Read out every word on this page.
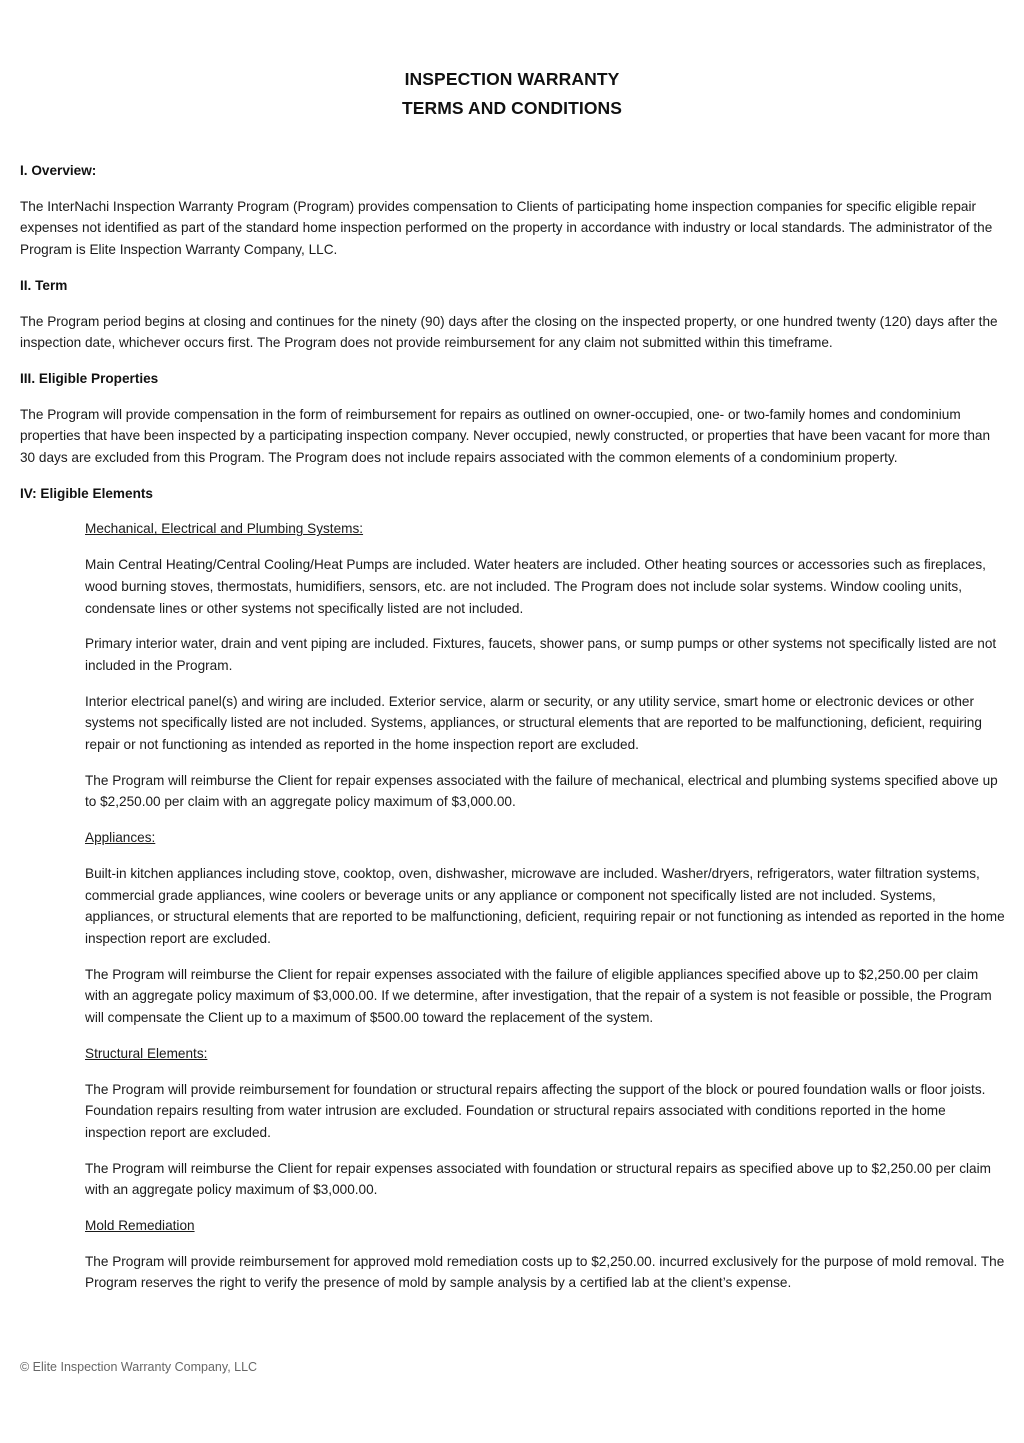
INSPECTION WARRANTY
TERMS AND CONDITIONS
I. Overview:
The InterNachi Inspection Warranty Program (Program) provides compensation to Clients of participating home inspection companies for specific eligible repair expenses not identified as part of the standard home inspection performed on the property in accordance with industry or local standards. The administrator of the Program is Elite Inspection Warranty Company, LLC.
II. Term
The Program period begins at closing and continues for the ninety (90) days after the closing on the inspected property, or one hundred twenty (120) days after the inspection date, whichever occurs first. The Program does not provide reimbursement for any claim not submitted within this timeframe.
III. Eligible Properties
The Program will provide compensation in the form of reimbursement for repairs as outlined on owner-occupied, one- or two-family homes and condominium properties that have been inspected by a participating inspection company. Never occupied, newly constructed, or properties that have been vacant for more than 30 days are excluded from this Program. The Program does not include repairs associated with the common elements of a condominium property.
IV: Eligible Elements
Mechanical, Electrical and Plumbing Systems:
Main Central Heating/Central Cooling/Heat Pumps are included. Water heaters are included. Other heating sources or accessories such as fireplaces, wood burning stoves, thermostats, humidifiers, sensors, etc. are not included. The Program does not include solar systems. Window cooling units, condensate lines or other systems not specifically listed are not included.
Primary interior water, drain and vent piping are included. Fixtures, faucets, shower pans, or sump pumps or other systems not specifically listed are not included in the Program.
Interior electrical panel(s) and wiring are included. Exterior service, alarm or security, or any utility service, smart home or electronic devices or other systems not specifically listed are not included. Systems, appliances, or structural elements that are reported to be malfunctioning, deficient, requiring repair or not functioning as intended as reported in the home inspection report are excluded.
The Program will reimburse the Client for repair expenses associated with the failure of mechanical, electrical and plumbing systems specified above up to $2,250.00 per claim with an aggregate policy maximum of $3,000.00.
Appliances:
Built-in kitchen appliances including stove, cooktop, oven, dishwasher, microwave are included. Washer/dryers, refrigerators, water filtration systems, commercial grade appliances, wine coolers or beverage units or any appliance or component not specifically listed are not included. Systems, appliances, or structural elements that are reported to be malfunctioning, deficient, requiring repair or not functioning as intended as reported in the home inspection report are excluded.
The Program will reimburse the Client for repair expenses associated with the failure of eligible appliances specified above up to $2,250.00 per claim with an aggregate policy maximum of $3,000.00. If we determine, after investigation, that the repair of a system is not feasible or possible, the Program will compensate the Client up to a maximum of $500.00 toward the replacement of the system.
Structural Elements:
The Program will provide reimbursement for foundation or structural repairs affecting the support of the block or poured foundation walls or floor joists. Foundation repairs resulting from water intrusion are excluded. Foundation or structural repairs associated with conditions reported in the home inspection report are excluded.
The Program will reimburse the Client for repair expenses associated with foundation or structural repairs as specified above up to $2,250.00 per claim with an aggregate policy maximum of $3,000.00.
Mold Remediation
The Program will provide reimbursement for approved mold remediation costs up to $2,250.00. incurred exclusively for the purpose of mold removal. The Program reserves the right to verify the presence of mold by sample analysis by a certified lab at the client’s expense.
© Elite Inspection Warranty Company, LLC
